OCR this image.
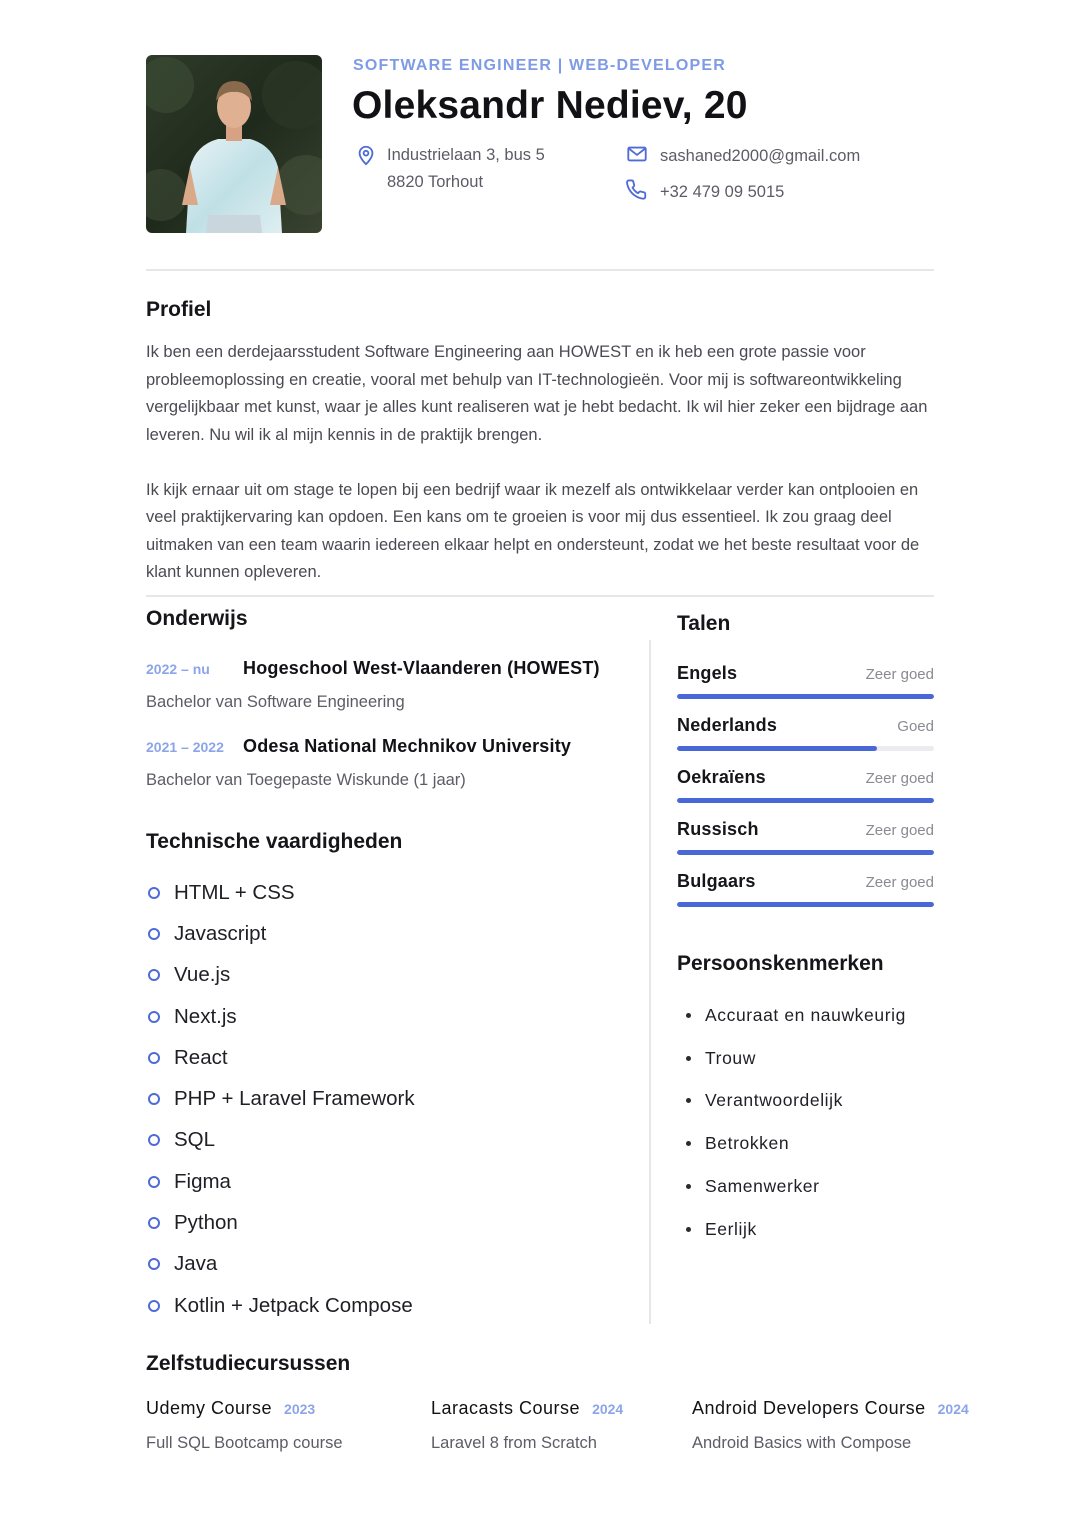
SOFTWARE ENGINEER | WEB-DEVELOPER
Oleksandr Nediev, 20
Industrielaan 3, bus 5
8820 Torhout
sashaned2000@gmail.com
+32 479 09 5015
Profiel

Ik ben een derdejaarsstudent Software Engineering aan HOWEST en ik heb een grote passie voor probleemoplossing en creatie, vooral met behulp van IT-technologieën. Voor mij is softwareontwikkeling vergelijkbaar met kunst, waar je alles kunt realiseren wat je hebt bedacht. Ik wil hier zeker een bijdrage aan leveren. Nu wil ik al mijn kennis in de praktijk brengen.

Ik kijk ernaar uit om stage te lopen bij een bedrijf waar ik mezelf als ontwikkelaar verder kan ontplooien en veel praktijkervaring kan opdoen. Een kans om te groeien is voor mij dus essentieel. Ik zou graag deel uitmaken van een team waarin iedereen elkaar helpt en ondersteunt, zodat we het beste resultaat voor de klant kunnen opleveren.

Onderwijs
2022 – nu	Hogeschool West-Vlaanderen (HOWEST)
Bachelor van Software Engineering
2021 – 2022	Odesa National Mechnikov University
Bachelor van Toegepaste Wiskunde (1 jaar)
Technische vaardigheden
HTML + CSS
Javascript
Vue.js
Next.js
React
PHP + Laravel Framework
SQL
Figma
Python
Java
Kotlin + Jetpack Compose
Talen
Engels	Zeer goed
Nederlands	Goed
Oekraïens	Zeer goed
Russisch	Zeer goed
Bulgaars	Zeer goed
Persoonskenmerken
Accuraat en nauwkeurig
Trouw
Verantwoordelijk
Betrokken
Samenwerker
Eerlijk
Zelfstudiecursussen
Udemy Course 2023
Full SQL Bootcamp course
Laracasts Course 2024
Laravel 8 from Scratch
Android Developers Course 2024
Android Basics with Compose
